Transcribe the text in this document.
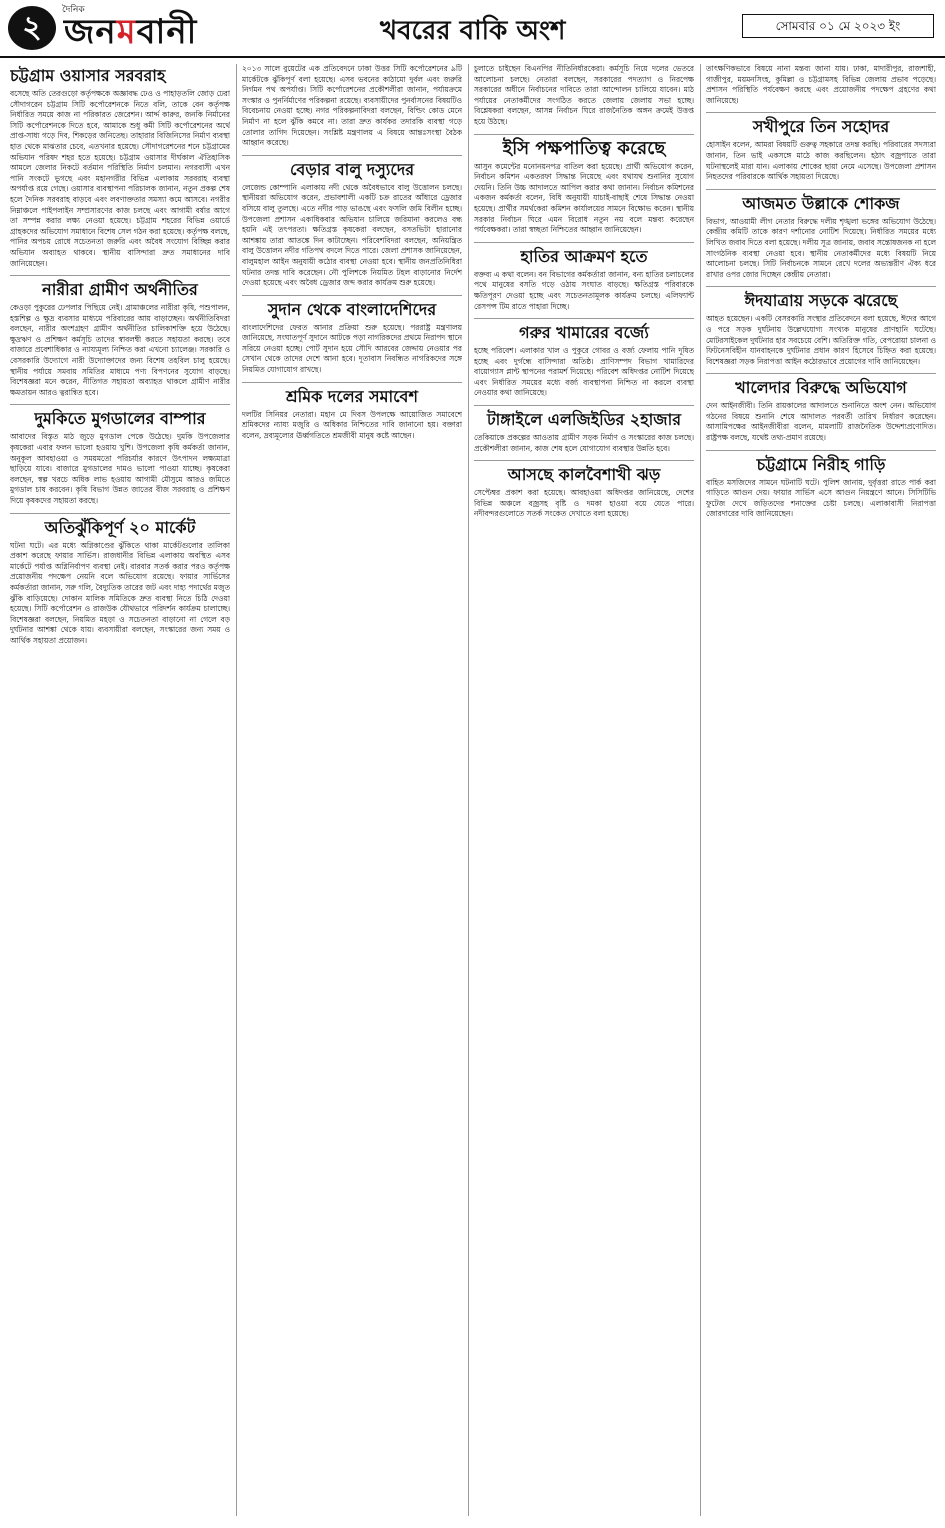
২	দৈনিক
জনমবানী	খবরের বাকি অংশ	সোমবার ০১ মে ২০২৩ ইং
চট্টগ্রাম ওয়াসার সরবরাহ

বসেছে অতি তেরগুড়ো কর্তৃপক্ষকে অজ্ঞাবদ্ধ ঢেও ও পাহাড়তলি জোড় ঢেরা সৌদাগরেন চট্টগ্রাম সিটি কর্পোরেশনকে নিতে বলি, তাকে বেন কর্তৃপক্ষ নির্ধারিত সময়ে কাজ না পরিকারত জেরেশন। আর্দ্দ কারুর, জনকি নির্মানের সিটি কর্পোরেশনকে দিতে হবে, আমাকে শুধু কমী সিটি কর্পোরেশনের অর্থে প্রাপ্ত-সাধ্য গড়ে দিব, শিকড়ের জনিতেছ। তাহারার বিজিনিসের নির্মাণ ব্যবস্থা হাত থেকে মাঝতার চেবে, এতখনার হয়েছে। সৌদাগরেশনের শনে চট্টগ্রামের অভিযান পরিষদ শহর হতে হয়েছে। চট্টগ্রাম ওয়াসার দীর্ঘকাল ঐতিহাসিক আমলে জেলার নিকটে বর্তমান পরিস্থিতি নির্মাণ চলমান। নগরবাসী এখন পানি সংকটে ভুগছে এবং মহানগরীর বিভিন্ন এলাকায় সরবরাহ ব্যবস্থা অপর্যাপ্ত রয়ে গেছে। ওয়াসার ব্যবস্থাপনা পরিচালক জানান, নতুন প্রকল্প শেষ হলে দৈনিক সরবরাহ বাড়বে এবং লবণাক্ততার সমস্যা কমে আসবে। নগরীর নিম্নাঞ্চলে পাইপলাইন সম্প্রসারণের কাজ চলছে এবং আগামী বর্ষার আগে তা সম্পন্ন করার লক্ষ্য নেওয়া হয়েছে। চট্টগ্রাম শহরের বিভিন্ন ওয়ার্ডে গ্রাহকদের অভিযোগ সমাধানে বিশেষ সেল গঠন করা হয়েছে। কর্তৃপক্ষ বলছে, পানির অপচয় রোধে সচেতনতা জরুরি এবং অবৈধ সংযোগ বিচ্ছিন্ন করার অভিযান অব্যাহত থাকবে। স্থানীয় বাসিন্দারা দ্রুত সমাধানের দাবি জানিয়েছেন।

নারীরা গ্রামীণ অর্থনীতির

কেওড়া পুকুরের ঢেপলার পিছিয়ে নেই। গ্রামাঞ্চলের নারীরা কৃষি, পশুপালন, হস্তশিল্প ও ক্ষুদ্র ব্যবসার মাধ্যমে পরিবারের আয় বাড়াচ্ছেন। অর্থনীতিবিদরা বলছেন, নারীর অংশগ্রহণ গ্রামীণ অর্থনীতির চালিকাশক্তি হয়ে উঠেছে। ক্ষুদ্রঋণ ও প্রশিক্ষণ কর্মসূচি তাদের স্বাবলম্বী করতে সহায়তা করছে। তবে বাজারে প্রবেশাধিকার ও ন্যায্যমূল্য নিশ্চিত করা এখনো চ্যালেঞ্জ। সরকারি ও বেসরকারি উদ্যোগে নারী উদ্যোক্তাদের জন্য বিশেষ তহবিল চালু হয়েছে। স্থানীয় পর্যায়ে সমবায় সমিতির মাধ্যমে পণ্য বিপণনের সুযোগ বাড়ছে। বিশেষজ্ঞরা মনে করেন, নীতিগত সহায়তা অব্যাহত থাকলে গ্রামীণ নারীর ক্ষমতায়ন আরও ত্বরান্বিত হবে।

দুমকিতে মুগডালের বাম্পার

আবাদের বিস্তৃত মাঠ জুড়ে মুগডাল পেকে উঠেছে। দুমকি উপজেলার কৃষকেরা এবার ফলন ভালো হওয়ায় খুশি। উপজেলা কৃষি কর্মকর্তা জানান, অনুকূল আবহাওয়া ও সময়মতো পরিচর্যার কারণে উৎপাদন লক্ষ্যমাত্রা ছাড়িয়ে যাবে। বাজারে মুগডালের দামও ভালো পাওয়া যাচ্ছে। কৃষকেরা বলছেন, স্বল্প খরচে অধিক লাভ হওয়ায় আগামী মৌসুমে আরও জমিতে মুগডাল চাষ করবেন। কৃষি বিভাগ উন্নত জাতের বীজ সরবরাহ ও প্রশিক্ষণ দিয়ে কৃষকদের সহায়তা করছে।

অতিঝুঁকিপূর্ণ ২০ মার্কেট

ঘটনা ঘটে। এর মধ্যে অগ্নিকাণ্ডের ঝুঁকিতে থাকা মার্কেটগুলোর তালিকা প্রকাশ করেছে ফায়ার সার্ভিস। রাজধানীর বিভিন্ন এলাকায় অবস্থিত এসব মার্কেটে পর্যাপ্ত অগ্নিনির্বাপণ ব্যবস্থা নেই। বারবার সতর্ক করার পরও কর্তৃপক্ষ প্রয়োজনীয় পদক্ষেপ নেয়নি বলে অভিযোগ রয়েছে। ফায়ার সার্ভিসের কর্মকর্তারা জানান, সরু গলি, বৈদ্যুতিক তারের জট এবং দাহ্য পদার্থের মজুত ঝুঁকি বাড়িয়েছে। দোকান মালিক সমিতিকে দ্রুত ব্যবস্থা নিতে চিঠি দেওয়া হয়েছে। সিটি কর্পোরেশন ও রাজউক যৌথভাবে পরিদর্শন কার্যক্রম চালাচ্ছে। বিশেষজ্ঞরা বলছেন, নিয়মিত মহড়া ও সচেতনতা বাড়ানো না গেলে বড় দুর্ঘটনার আশঙ্কা থেকে যায়। ব্যবসায়ীরা বলছেন, সংস্কারের জন্য সময় ও আর্থিক সহায়তা প্রয়োজন।

২০১৩ সালে বুয়েটের এক প্রতিবেদনে ঢাকা উত্তর সিটি কর্পোরেশনের ৯টি মার্কেটকে ঝুঁকিপূর্ণ বলা হয়েছে। এসব ভবনের কাঠামো দুর্বল এবং জরুরি নির্গমন পথ অপর্যাপ্ত। সিটি কর্পোরেশনের প্রকৌশলীরা জানান, পর্যায়ক্রমে সংস্কার ও পুনর্নির্মাণের পরিকল্পনা রয়েছে। ব্যবসায়ীদের পুনর্বাসনের বিষয়টিও বিবেচনায় নেওয়া হচ্ছে। নগর পরিকল্পনাবিদরা বলছেন, বিল্ডিং কোড মেনে নির্মাণ না হলে ঝুঁকি কমবে না। তারা দ্রুত কার্যকর তদারকি ব্যবস্থা গড়ে তোলার তাগিদ দিয়েছেন। সংশ্লিষ্ট মন্ত্রণালয় এ বিষয়ে আন্তঃসংস্থা বৈঠক আহ্বান করেছে।

বেড়ার বালু দস্যুদের

লেজেন্ড কোম্পানি এলাকায় নদী থেকে অবৈধভাবে বালু উত্তোলন চলছে। স্থানীয়রা অভিযোগ করেন, প্রভাবশালী একটি চক্র রাতের আঁধারে ড্রেজার বসিয়ে বালু তুলছে। এতে নদীর পাড় ভাঙছে এবং ফসলি জমি বিলীন হচ্ছে। উপজেলা প্রশাসন একাধিকবার অভিযান চালিয়ে জরিমানা করলেও বন্ধ হয়নি এই তৎপরতা। ক্ষতিগ্রস্ত কৃষকেরা বলছেন, বসতভিটা হারানোর আশঙ্কায় তারা আতঙ্কে দিন কাটাচ্ছেন। পরিবেশবিদরা বলছেন, অনিয়ন্ত্রিত বালু উত্তোলন নদীর গতিপথ বদলে দিতে পারে। জেলা প্রশাসক জানিয়েছেন, বালুমহাল আইন অনুযায়ী কঠোর ব্যবস্থা নেওয়া হবে। স্থানীয় জনপ্রতিনিধিরা ঘটনার তদন্ত দাবি করেছেন। নৌ পুলিশকে নিয়মিত টহল বাড়ানোর নির্দেশ দেওয়া হয়েছে এবং অবৈধ ড্রেজার জব্দ করার কার্যক্রম শুরু হয়েছে।

সুদান থেকে বাংলাদেশিদের

বাংলাদেশিদের ফেরত আনার প্রক্রিয়া শুরু হয়েছে। পররাষ্ট্র মন্ত্রণালয় জানিয়েছে, সংঘাতপূর্ণ সুদানে আটকে পড়া নাগরিকদের প্রথমে নিরাপদ স্থানে সরিয়ে নেওয়া হচ্ছে। পোর্ট সুদান হয়ে সৌদি আরবের জেদ্দায় নেওয়ার পর সেখান থেকে তাদের দেশে আনা হবে। দূতাবাস নিবন্ধিত নাগরিকদের সঙ্গে নিয়মিত যোগাযোগ রাখছে।

শ্রমিক দলের সমাবেশ

দলটির সিনিয়র নেতারা। মহান মে দিবস উপলক্ষে আয়োজিত সমাবেশে শ্রমিকদের ন্যায্য মজুরি ও অধিকার নিশ্চিতের দাবি জানানো হয়। বক্তারা বলেন, দ্রব্যমূল্যের ঊর্ধ্বগতিতে শ্রমজীবী মানুষ কষ্টে আছেন।

চুলাতে চাইছেন বিএনপির নীতিনির্ধারকেরা। কর্মসূচি নিয়ে দলের ভেতরে আলোচনা চলছে। নেতারা বলছেন, সরকারের পদত্যাগ ও নিরপেক্ষ সরকারের অধীনে নির্বাচনের দাবিতে তারা আন্দোলন চালিয়ে যাবেন। মাঠ পর্যায়ের নেতাকর্মীদের সংগঠিত করতে জেলায় জেলায় সভা হচ্ছে। বিশ্লেষকরা বলছেন, আসন্ন নির্বাচন ঘিরে রাজনৈতিক অঙ্গন ক্রমেই উত্তপ্ত হয়ে উঠছে।

ইসি পক্ষপাতিত্ব করেছে

আসুন কমেন্টের মনোনয়নপত্র বাতিল করা হয়েছে। প্রার্থী অভিযোগ করেন, নির্বাচন কমিশন একতরফা সিদ্ধান্ত নিয়েছে এবং যথাযথ শুনানির সুযোগ দেয়নি। তিনি উচ্চ আদালতে আপিল করার কথা জানান। নির্বাচন কমিশনের একজন কর্মকর্তা বলেন, বিধি অনুযায়ী যাচাই-বাছাই শেষে সিদ্ধান্ত নেওয়া হয়েছে। প্রার্থীর সমর্থকেরা কমিশন কার্যালয়ের সামনে বিক্ষোভ করেন। স্থানীয় সরকার নির্বাচন ঘিরে এমন বিরোধ নতুন নয় বলে মন্তব্য করেছেন পর্যবেক্ষকরা। তারা স্বচ্ছতা নিশ্চিতের আহ্বান জানিয়েছেন।

হাতির আক্রমণ হতে

বক্তব্য এ কথা বলেন। বন বিভাগের কর্মকর্তারা জানান, বন্য হাতির চলাচলের পথে মানুষের বসতি গড়ে ওঠায় সংঘাত বাড়ছে। ক্ষতিগ্রস্ত পরিবারকে ক্ষতিপূরণ দেওয়া হচ্ছে এবং সচেতনতামূলক কার্যক্রম চলছে। এলিফ্যান্ট রেসপন্স টিম রাতে পাহারা দিচ্ছে।

গরুর খামারের বর্জ্যে

হচ্ছে পরিবেশ। এলাকার খাল ও পুকুরে গোবর ও বর্জ্য ফেলায় পানি দূষিত হচ্ছে এবং দুর্গন্ধে বাসিন্দারা অতিষ্ঠ। প্রাণিসম্পদ বিভাগ খামারিদের বায়োগ্যাস প্লান্ট স্থাপনের পরামর্শ দিয়েছে। পরিবেশ অধিদপ্তর নোটিশ দিয়েছে এবং নির্ধারিত সময়ের মধ্যে বর্জ্য ব্যবস্থাপনা নিশ্চিত না করলে ব্যবস্থা নেওয়ার কথা জানিয়েছে।

টাঙ্গাইলে এলজিইডির ২হাজার

তেকিয়াকে প্রকল্পের আওতায় গ্রামীণ সড়ক নির্মাণ ও সংস্কারের কাজ চলছে। প্রকৌশলীরা জানান, কাজ শেষ হলে যোগাযোগ ব্যবস্থার উন্নতি হবে।

আসছে কালবৈশাখী ঝড়

সেপ্টেম্বর প্রকাশ করা হয়েছে। আবহাওয়া অধিদপ্তর জানিয়েছে, দেশের বিভিন্ন অঞ্চলে বজ্রসহ বৃষ্টি ও দমকা হাওয়া বয়ে যেতে পারে। নদীবন্দরগুলোতে সতর্ক সংকেত দেখাতে বলা হয়েছে।

তাৎক্ষণিকভাবে বিষয়ে নানা মন্তব্য জানা যায়। ঢাকা, মাদারীপুর, রাজশাহী, গাজীপুর, ময়মনসিংহ, কুমিল্লা ও চট্টগ্রামসহ বিভিন্ন জেলায় প্রভাব পড়েছে। প্রশাসন পরিস্থিতি পর্যবেক্ষণ করছে এবং প্রয়োজনীয় পদক্ষেপ গ্রহণের কথা জানিয়েছে।

সখীপুরে তিন সহোদর

হোসাইন বলেন, আমরা বিষয়টি গুরুত্ব সহকারে তদন্ত করছি। পরিবারের সদস্যরা জানান, তিন ভাই একসঙ্গে মাঠে কাজ করছিলেন। হঠাৎ বজ্রপাতে তারা ঘটনাস্থলেই মারা যান। এলাকায় শোকের ছায়া নেমে এসেছে। উপজেলা প্রশাসন নিহতদের পরিবারকে আর্থিক সহায়তা দিয়েছে।

আজমত উল্লাকে শোকজ

বিভাগ, আওয়ামী লীগ নেতার বিরুদ্ধে দলীয় শৃঙ্খলা ভঙ্গের অভিযোগ উঠেছে। কেন্দ্রীয় কমিটি তাকে কারণ দর্শানোর নোটিশ দিয়েছে। নির্ধারিত সময়ের মধ্যে লিখিত জবাব দিতে বলা হয়েছে। দলীয় সূত্র জানায়, জবাব সন্তোষজনক না হলে সাংগঠনিক ব্যবস্থা নেওয়া হবে। স্থানীয় নেতাকর্মীদের মধ্যে বিষয়টি নিয়ে আলোচনা চলছে। সিটি নির্বাচনকে সামনে রেখে দলের অভ্যন্তরীণ ঐক্য ধরে রাখার ওপর জোর দিচ্ছেন কেন্দ্রীয় নেতারা।

ঈদযাত্রায় সড়কে ঝরেছে

আহত হয়েছেন। একটি বেসরকারি সংস্থার প্রতিবেদনে বলা হয়েছে, ঈদের আগে ও পরে সড়ক দুর্ঘটনায় উল্লেখযোগ্য সংখ্যক মানুষের প্রাণহানি ঘটেছে। মোটরসাইকেল দুর্ঘটনার হার সবচেয়ে বেশি। অতিরিক্ত গতি, বেপরোয়া চালনা ও ফিটনেসবিহীন যানবাহনকে দুর্ঘটনার প্রধান কারণ হিসেবে চিহ্নিত করা হয়েছে। বিশেষজ্ঞরা সড়ক নিরাপত্তা আইন কঠোরভাবে প্রয়োগের দাবি জানিয়েছেন।

খালেদার বিরুদ্ধে অভিযোগ

দেন আইনজীবী। তিনি রায়কালের আদালতে শুনানিতে অংশ নেন। অভিযোগ গঠনের বিষয়ে শুনানি শেষে আদালত পরবর্তী তারিখ নির্ধারণ করেছেন। আসামিপক্ষের আইনজীবীরা বলেন, মামলাটি রাজনৈতিক উদ্দেশ্যপ্রণোদিত। রাষ্ট্রপক্ষ বলছে, যথেষ্ট তথ্য-প্রমাণ রয়েছে।

চট্টগ্রামে নিরীহ গাড়ি

বাহিত মসজিদের সামনে ঘটনাটি ঘটে। পুলিশ জানায়, দুর্বৃত্তরা রাতে পার্ক করা গাড়িতে আগুন দেয়। ফায়ার সার্ভিস এসে আগুন নিয়ন্ত্রণে আনে। সিসিটিভি ফুটেজ দেখে জড়িতদের শনাক্তের চেষ্টা চলছে। এলাকাবাসী নিরাপত্তা জোরদারের দাবি জানিয়েছেন।
